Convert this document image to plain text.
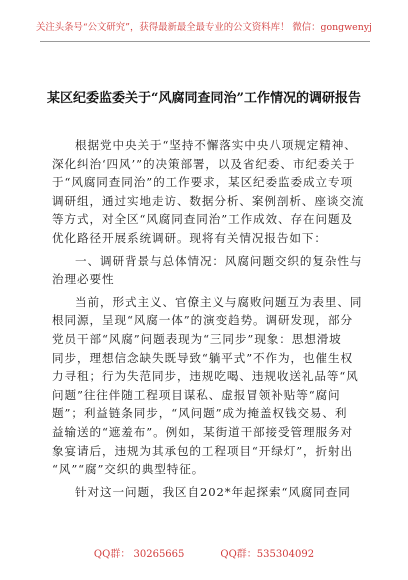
关注头条号“公文研究”，获得最新最全最专业的公文资料库！ 微信：gongwenyj
某区纪委监委关于“风腐同查同治”工作情况的调研报告
根据党中央关于“坚持不懈落实中央八项规定精神、
深化纠治‘四风’”的决策部署，以及省纪委、市纪委关于
于“风腐同查同治”的工作要求，某区纪委监委成立专项
调研组，通过实地走访、数据分析、案例剖析、座谈交流
等方式，对全区“风腐同查同治”工作成效、存在问题及
优化路径开展系统调研。现将有关情况报告如下：
一、调研背景与总体情况：风腐问题交织的复杂性与
治理必要性
当前，形式主义、官僚主义与腐败问题互为表里、同
根同源，呈现“风腐一体”的演变趋势。调研发现，部分
党员干部“风腐”问题表现为“三同步”现象：思想滑坡
同步，理想信念缺失既导致“躺平式”不作为，也催生权
力寻租；行为失范同步，违规吃喝、违规收送礼品等“风
问题”往往伴随工程项目谋私、虚报冒领补贴等“腐问
题”；利益链条同步，“风问题”成为掩盖权钱交易、利
益输送的“遮羞布”。例如，某街道干部接受管理服务对
象宴请后，违规为其承包的工程项目“开绿灯”，折射出
“风”“腐”交织的典型特征。
针对这一问题，我区自202*年起探索“风腐同查同
QQ群： 30265665	QQ群：535304092
